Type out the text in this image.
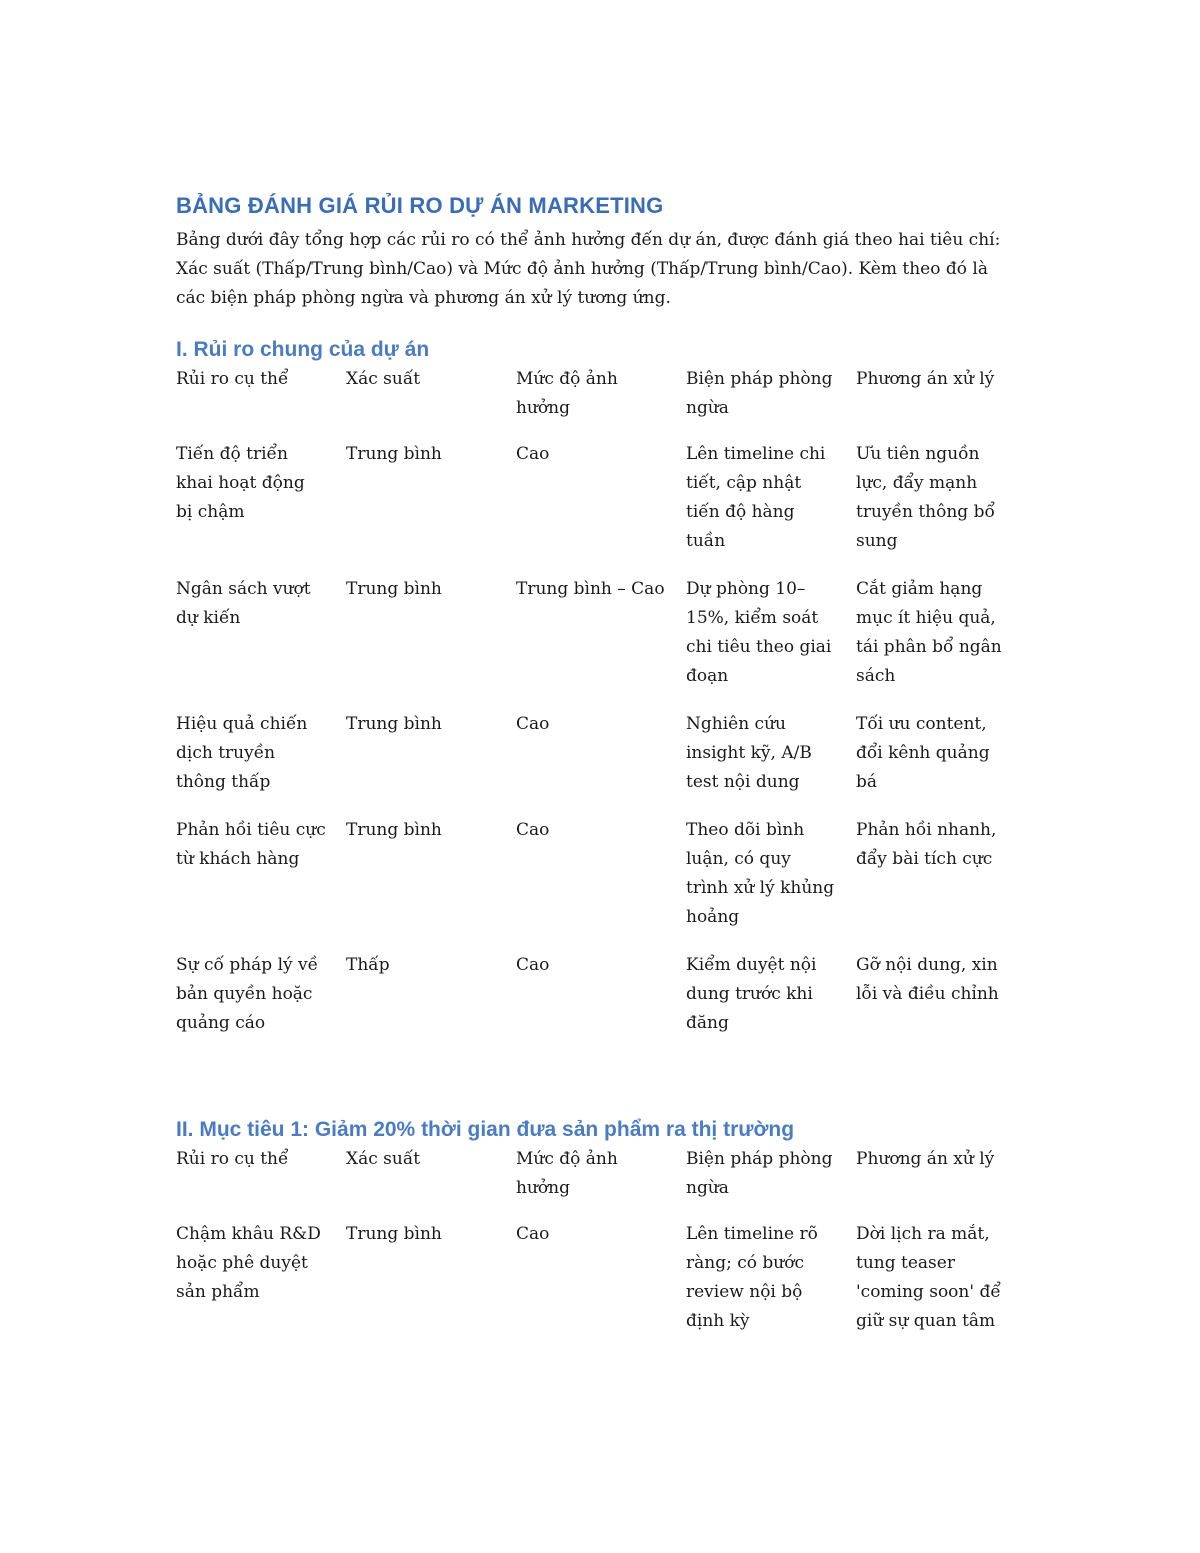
BẢNG ĐÁNH GIÁ RỦI RO DỰ ÁN MARKETING

Bảng dưới đây tổng hợp các rủi ro có thể ảnh hưởng đến dự án, được đánh giá theo hai tiêu chí: Xác suất (Thấp/Trung bình/Cao) và Mức độ ảnh hưởng (Thấp/Trung bình/Cao). Kèm theo đó là các biện pháp phòng ngừa và phương án xử lý tương ứng.

I. Rủi ro chung của dự án
Rủi ro cụ thể	Xác suất	Mức độ ảnh hưởng	Biện pháp phòng ngừa	Phương án xử lý

Tiến độ triển khai hoạt động bị chậm	Trung bình	Cao	Lên timeline chi tiết, cập nhật tiến độ hàng tuần	Ưu tiên nguồn lực, đẩy mạnh truyền thông bổ sung

Ngân sách vượt dự kiến	Trung bình	Trung bình – Cao	Dự phòng 10–15%, kiểm soát chi tiêu theo giai đoạn	Cắt giảm hạng mục ít hiệu quả, tái phân bổ ngân sách

Hiệu quả chiến dịch truyền thông thấp	Trung bình	Cao	Nghiên cứu insight kỹ, A/B test nội dung	Tối ưu content, đổi kênh quảng bá

Phản hồi tiêu cực từ khách hàng	Trung bình	Cao	Theo dõi bình luận, có quy trình xử lý khủng hoảng	Phản hồi nhanh, đẩy bài tích cực

Sự cố pháp lý về bản quyền hoặc quảng cáo	Thấp	Cao	Kiểm duyệt nội dung trước khi đăng	Gỡ nội dung, xin lỗi và điều chỉnh
II. Mục tiêu 1: Giảm 20% thời gian đưa sản phẩm ra thị trường
Rủi ro cụ thể	Xác suất	Mức độ ảnh hưởng	Biện pháp phòng ngừa	Phương án xử lý

Chậm khâu R&D hoặc phê duyệt sản phẩm	Trung bình	Cao	Lên timeline rõ ràng; có bước review nội bộ định kỳ	Dời lịch ra mắt, tung teaser 'coming soon' để giữ sự quan tâm
